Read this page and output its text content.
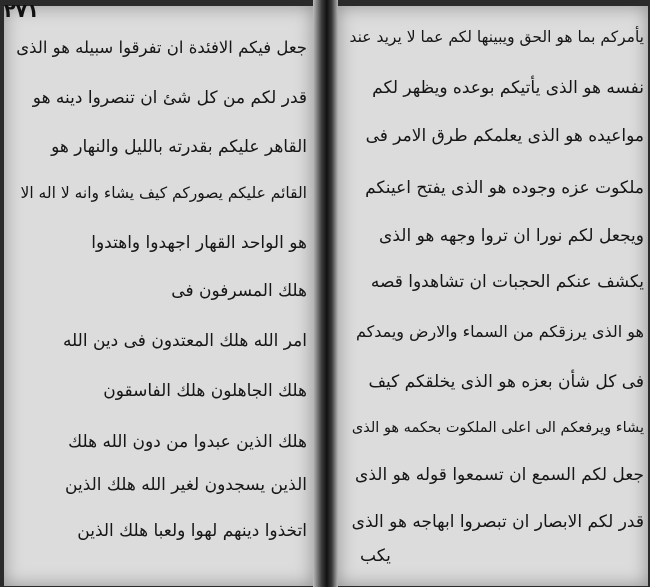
جعل فيكم الافئدة ان تفرقوا سبيله هو الذى
قدر لكم من كل شئ ان تنصروا دينه هو
القاهر عليكم بقدرته بالليل والنهار هو
القائم عليكم يصوركم كيف يشاء وانه لا اله الا
هو الواحد القهار اجهدوا واهتدوا
هلك المسرفون فى
امر الله هلك المعتدون فى دين الله
هلك الجاهلون هلك الفاسقون
هلك الذين عبدوا من دون الله هلك
الذين يسجدون لغير الله هلك الذين
اتخذوا دينهم لهوا ولعبا هلك الذين
٢٧١
يأمركم بما هو الحق ويبينها لكم عما لا يريد عند
نفسه هو الذى يأتيكم بوعده ويظهر لكم
مواعيده هو الذى يعلمكم طرق الامر فى
ملكوت عزه وجوده هو الذى يفتح اعينكم
ويجعل لكم نورا ان تروا وجهه هو الذى
يكشف عنكم الحجبات ان تشاهدوا قصه
هو الذى يرزقكم من السماء والارض ويمدكم
فى كل شأن بعزه هو الذى يخلقكم كيف
يشاء ويرفعكم الى اعلى الملكوت بحكمه هو الذى
جعل لكم السمع ان تسمعوا قوله هو الذى
قدر لكم الابصار ان تبصروا ابهاجه هو الذى
يكب
